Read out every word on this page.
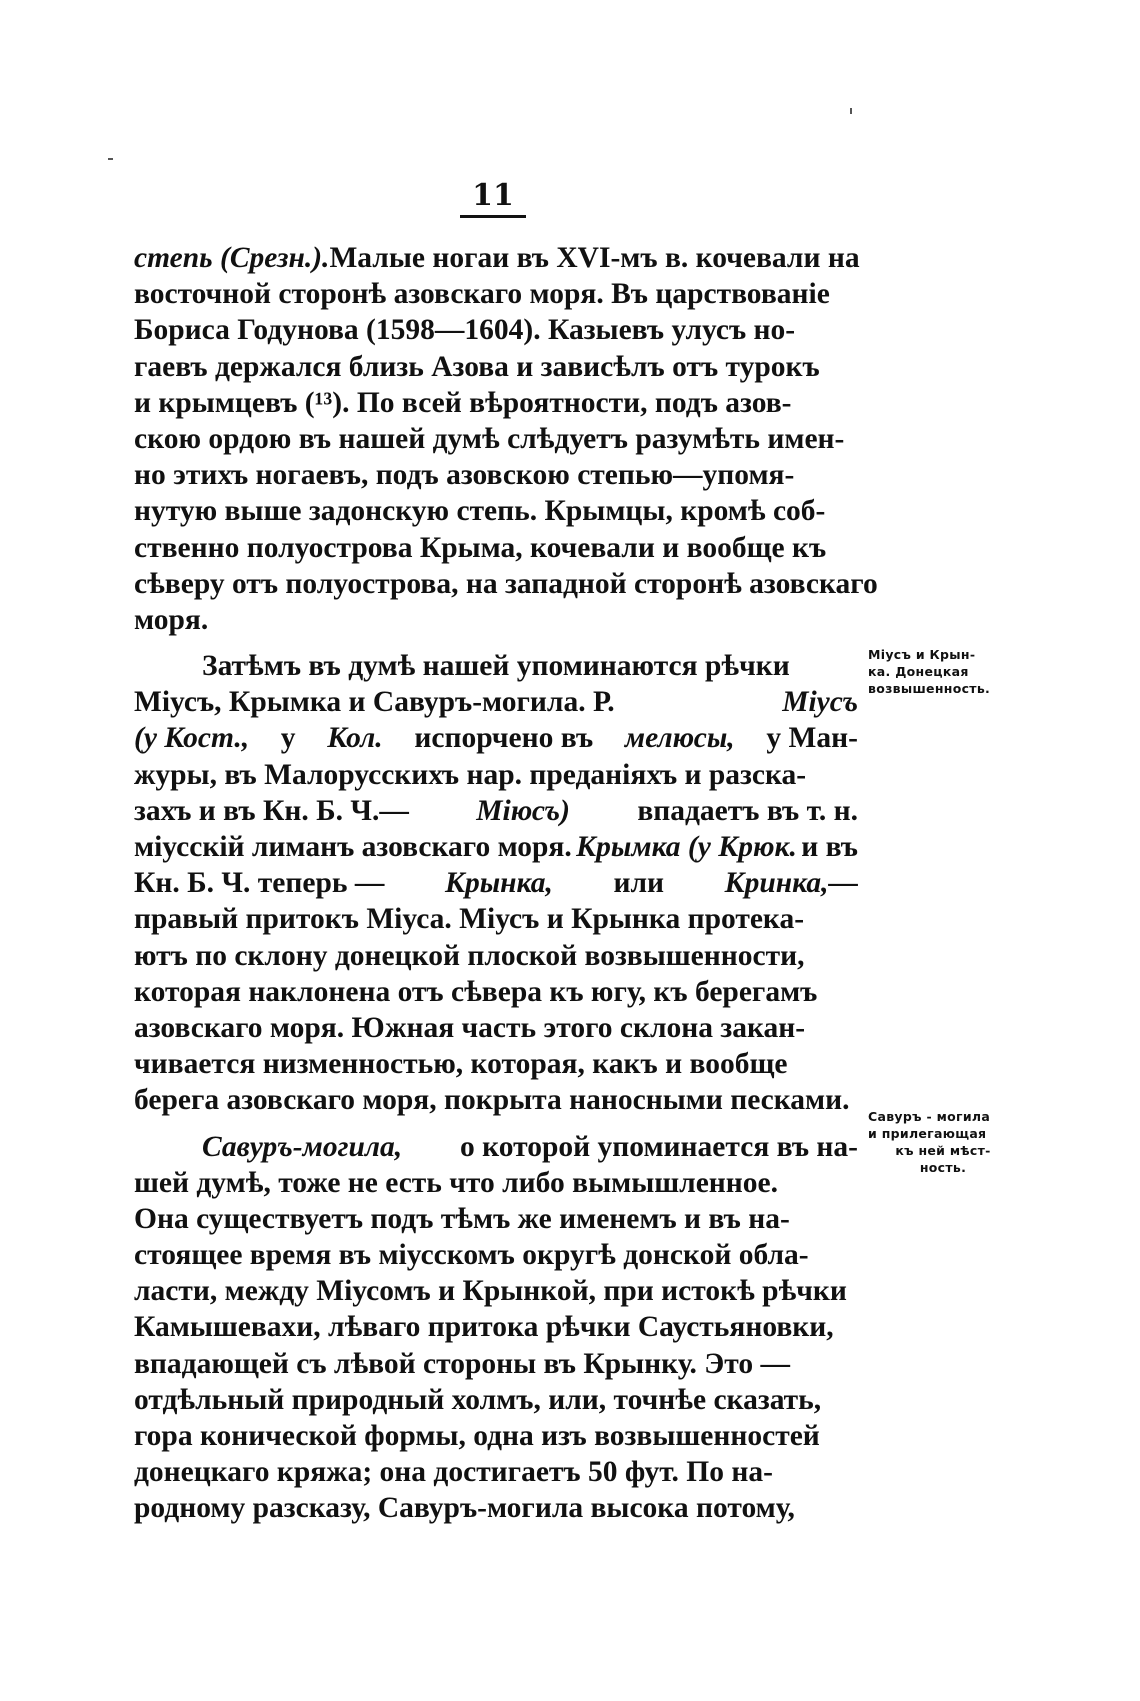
11
степь (Срезн.). Малые ногаи въ XVI-мъ в. кочевали на
восточной сторонѣ азовскаго моря. Въ царствованіе
Бориса Годунова (1598—1604). Казыевъ улусъ но-
гаевъ держался близь Азова и зависѣлъ отъ турокъ
и крымцевъ (¹³). По всей вѣроятности, подъ азов-
скою ордою въ нашей думѣ слѣдуетъ разумѣть имен-
но этихъ ногаевъ, подъ азовскою степью—упомя-
нутую выше задонскую степь. Крымцы, кромѣ соб-
ственно полуострова Крыма, кочевали и вообще къ
сѣверу отъ полуострова, на западной сторонѣ азовскаго
моря.
Затѣмъ въ думѣ нашей упоминаются рѣчки
Міусъ, Крымка и Савуръ-могила. Р.	Міусъ
(у Кост., у Кол. испорчено въ мелюсы, у Ман-
журы, въ Малорусскихъ нар. преданіяхъ и разска-
захъ и въ Кн. Б. Ч.— Міюсъ) впадаетъ въ т. н.
міусскій лиманъ азовскаго моря. Крымка (у Крюк. и въ
Кн. Б. Ч. теперь — Крынка, или Кринка,—
правый притокъ Міуса. Міусъ и Крынка протека-
ютъ по склону донецкой плоской возвышенности,
которая наклонена отъ сѣвера къ югу, къ берегамъ
азовскаго моря. Южная часть этого склона закан-
чивается низменностью, которая, какъ и вообще
берега азовскаго моря, покрыта наносными песками.
Савуръ-могила, о которой упоминается въ на-
шей думѣ, тоже не есть что либо вымышленное.
Она существуетъ подъ тѣмъ же именемъ и въ на-
стоящее время въ міусскомъ округѣ донской обла-
ласти, между Міусомъ и Крынкой, при истокѣ рѣчки
Камышевахи, лѣваго притока рѣчки Саустьяновки,
впадающей съ лѣвой стороны въ Крынку. Это —
отдѣльный природный холмъ, или, точнѣе сказать,
гора конической формы, одна изъ возвышенностей
донецкаго кряжа; она достигаетъ 50 фут. По на-
родному разсказу, Савуръ-могила высока потому,
Міусъ и Крын-
ка. Донецкая
возвышенность.
Савуръ - могила
и прилегающая
къ ней мѣст-
ность.
